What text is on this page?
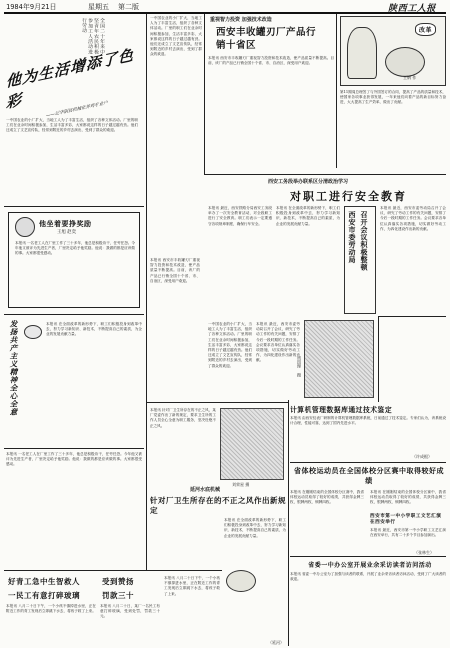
1984年9月21日	星期五 第二版	陕西工人报
全国二十年来中坚青年农民积极参加工人活动进行劳动
他为生活增添了色彩	——记华阴县机械化养鸡专业户
一中国农业的小厂扩大，当地工人为了丰富生活，组织了各种文体活动。厂里的职工们在业余时间积极参加，生活丰富多彩，大家都说这样的日子越过越有劲。他们还成立了文艺宣传队，经常到附近的乡村去演出，受到了群众的欢迎。
他坐着要挣奖励
王旭 赵奕
本报讯 一名老工人在厂里工作了三十多年，他总是积极肯干，任劳任怨。今年他又被评为先进生产者，厂里决定给予他奖励。他说：我做的都是应该做的事。大家都很受感动。
发扬共产主义精神全心全意	本报讯 在全面改革的新形势下，职工们积极投身到改革中去，努力学习新知识、新技术，不断提高自己的素质，为企业的发展贡献力量。
本报讯 一名老工人在厂里工作了三十多年，他总是积极肯干，任劳任怨。今年他又被评为先进生产者，厂里决定给予他奖励。他说：我做的都是应该做的事。大家都很受感动。
好青工急中生智救人
一民工有意打碎玻璃
本报讯 八月二十日下午，一个小孩不慎掉进水里，正在附近工作的青工发现后立即跳下水去，将孩子救了上来。
受到赞扬
罚款三十
本报讯 八月二十日，某厂一名民工有意打碎玻璃，受到处罚，罚款三十元。
本报讯 八月二十日下午，一个小孩不慎掉进水里，正在附近工作的青工发现后立即跳下水去，将孩子救了上来。
一中国农业的小厂扩大，当地工人为了丰富生活，组织了各种文体活动。厂里的职工们在业余时间积极参加，生活丰富多彩，大家都说这样的日子越过越有劲。他们还成立了文艺宣传队，经常到附近的乡村去演出，受到了群众的欢迎。
重视智力投资 加强技术改造
西安丰收罐刃厂产品行销十省区
本报讯 西安市丰收罐刃厂重视智力投资和技术改造，使产品质量不断提高。目前，该厂的产品已行销全国十个省、市、自治区，深受用户欢迎。
改革
王钢 作
第11期周总理签了与外国签订的合同，提高了产品的质量和技术，使国家各项事业获得发展，一年来他们向着产品的新目标努力奋进，大大提高了生产效率，做出了贡献。
西安工务段举办联系区分清政治学习
对职工进行安全教育
本报讯 最近，西安铁路分局西安工务段举办了一次安全教育活动，对全段职工进行了安全教育。职工们表示一定要遵守各项规章制度，确保行车安全。
本报讯 在全面改革的新形势下，职工们积极投身到改革中去，努力学习新知识、新技术，不断提高自己的素质，为企业的发展贡献力量。	西安市委劳动局 召开会议积极整顿
本报讯 最近，西安市委劳动局召开了会议，研究了劳动工作的有关问题，安排了今后一段时期的工作任务。会议要求各单位认真落实各项措施，切实做好劳动工作，为四化建设作出新的贡献。
本报讯 西安市丰收罐刃厂重视智力投资和技术改造，使产品质量不断提高。目前，该厂的产品已行销全国十个省、市、自治区，深受用户欢迎。
一中国农业的小厂扩大，当地工人为了丰富生活，组织了各种文体活动。厂里的职工们在业余时间积极参加，生活丰富多彩，大家都说这样的日子越过越有劲。他们还成立了文艺宣传队，经常到附近的乡村去演出，受到了群众的欢迎。
本报讯 最近，西安市委劳动局召开了会议，研究了劳动工作的有关问题，安排了今后一段时期的工作任务。会议要求各单位认真落实各项措施，切实做好劳动工作，为四化建设作出新的贡献。	周国理 摄
计算机管理数据库通过技术鉴定
本报讯 由西安仪表厂研制的计算机管理数据库系统，日前通过了技术鉴定。专家们认为，该系统设计合理，性能可靠，达到了国内先进水平。
（许成根）
省体校运动员在全国体校分区赛中取得较好成绩
本报讯 在刚刚结束的全国体校分区赛中，我省体校运动员取得了较好的成绩，共获得金牌三枚，银牌两枚，铜牌四枚。
本报讯 在刚刚结束的全国体校分区赛中，我省体校运动员取得了较好的成绩，共获得金牌三枚，银牌两枚，铜牌四枚。
西安市第一中小学职工文艺汇演在西安举行
本报讯 最近，西安市第一中小学职工文艺汇演在西安举行，共有二十多个节目参加演出。
（张林生）
省委一中办公室开展业余采访读者访问活动
本报讯 省委一中办公室为了加强与读者的联系，开展了业余采访读者访问活动，受到了广大读者的欢迎。
延河水底机械
针对厂卫生所存在的不正之风作出新规定
本报讯 针对厂卫生所存在的不正之风，某厂党委作出了新的规定，要求卫生所的工作人员全心全意为职工服务，坚决杜绝不正之风。
刘荣星 摄
本报讯 在全面改革的新形势下，职工们积极投身到改革中去，努力学习新知识、新技术，不断提高自己的素质，为企业的发展贡献力量。
（延河）
